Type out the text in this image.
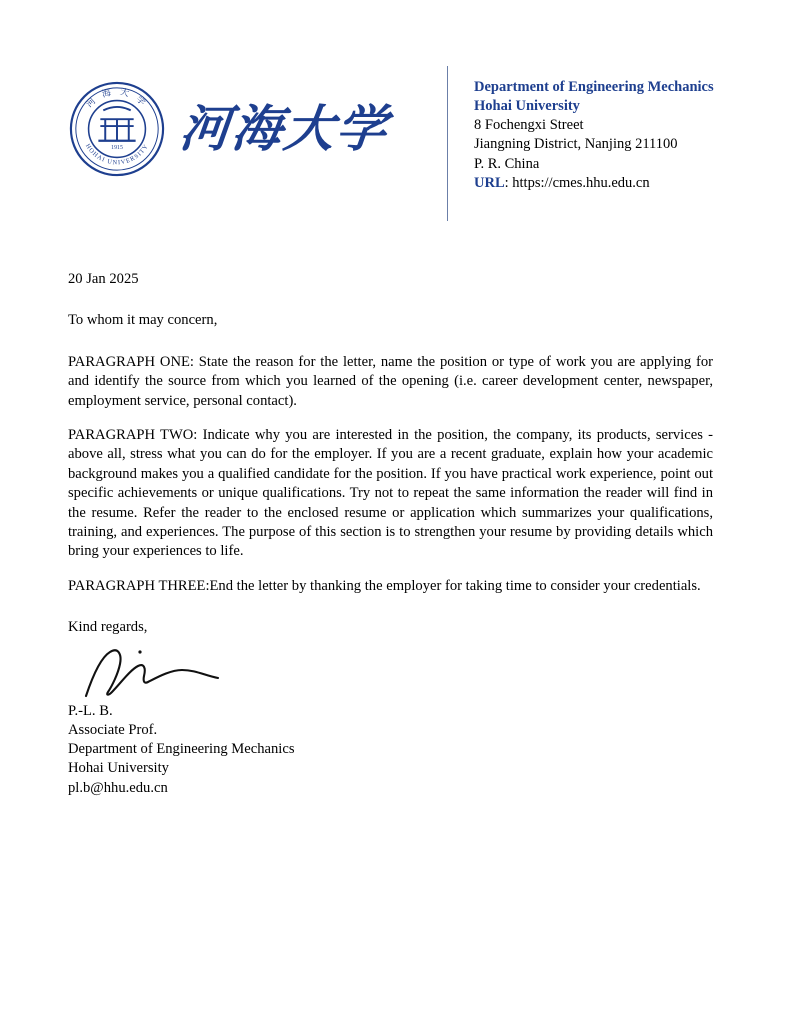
1915
河 海 大 学
HOHAI UNIVERSITY 河海大学
Department of Engineering Mechanics
Hohai University
8 Fochengxi Street
Jiangning District, Nanjing 211100
P. R. China
URL: https://cmes.hhu.edu.cn
20 Jan 2025
To whom it may concern,

PARAGRAPH ONE: State the reason for the letter, name the position or type of work you are applying for and identify the source from which you learned of the opening (i.e. career development center, newspaper, employment service, personal contact).

PARAGRAPH TWO: Indicate why you are interested in the position, the company, its products, services - above all, stress what you can do for the employer. If you are a recent graduate, explain how your academic background makes you a qualified candidate for the position. If you have practical work experience, point out specific achievements or unique qualifications. Try not to repeat the same information the reader will find in the resume. Refer the reader to the enclosed resume or application which summarizes your qualifications, training, and experiences. The purpose of this section is to strengthen your resume by providing details which bring your experiences to life.

PARAGRAPH THREE:End the letter by thanking the employer for taking time to consider your credentials.

Kind regards,
P.-L. B.
Associate Prof.
Department of Engineering Mechanics
Hohai University
pl.b@hhu.edu.cn
